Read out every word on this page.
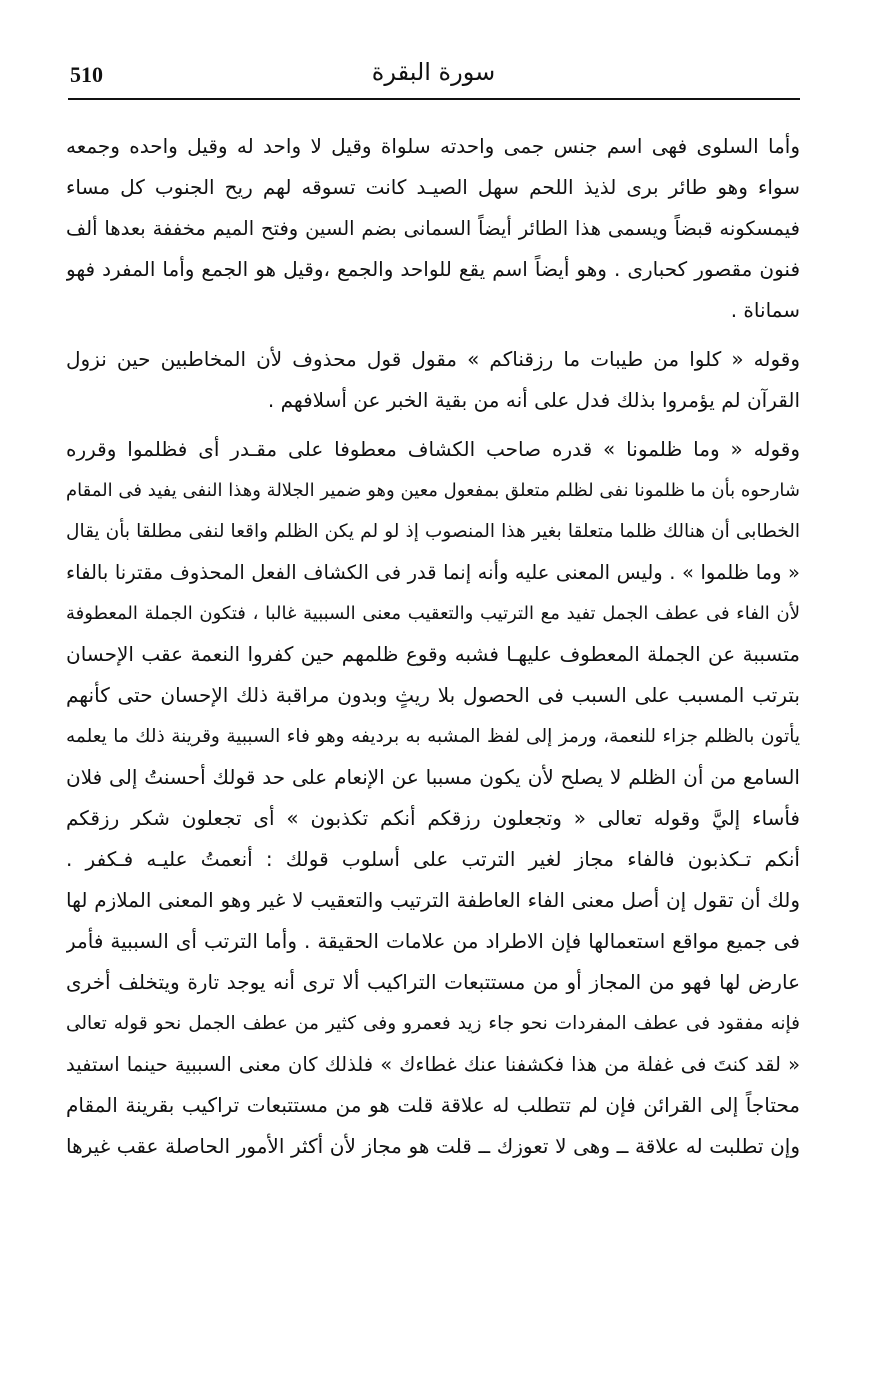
510	سورة البقرة
وأما السلوى فهى اسم جنس جمى واحدته سلواة وقيل لا واحد له وقيل واحده وجمعه
سواء وهو طائر برى لذيذ اللحم سهل الصيـد كانت تسوقه لهم ريح الجنوب كل مساء
فيمسكونه قبضاً ويسمى هذا الطائر أيضاً السمانى بضم السين وفتح الميم مخففة بعدها ألف
فنون مقصور كحبارى . وهو أيضاً اسم يقع للواحد والجمع ،وقيل هو الجمع وأما المفرد فهو
سماناة .
وقوله « كلوا من طيبات ما رزقناكم » مقول قول محذوف لأن المخاطبين حين نزول
القرآن لم يؤمروا بذلك فدل على أنه من بقية الخبر عن أسلافهم .
وقوله « وما ظلمونا » قدره صاحب الكشاف معطوفا على مقـدر أى فظلموا وقرره
شارحوه بأن ما ظلمونا نفى لظلم متعلق بمفعول معين وهو ضمير الجلالة وهذا النفى يفيد فى المقام
الخطابى أن هنالك ظلما متعلقا بغير هذا المنصوب إذ لو لم يكن الظلم واقعا لنفى مطلقا بأن يقال
« وما ظلموا » . وليس المعنى عليه وأنه إنما قدر فى الكشاف الفعل المحذوف مقترنا بالفاء
لأن الفاء فى عطف الجمل تفيد مع الترتيب والتعقيب معنى السببية غالبا ، فتكون الجملة المعطوفة
متسببة عن الجملة المعطوف عليهـا فشبه وقوع ظلمهم حين كفروا النعمة عقب الإحسان
بترتب المسبب على السبب فى الحصول بلا ريثٍ وبدون مراقبة ذلك الإحسان حتى كأنهم
يأتون بالظلم جزاء للنعمة، ورمز إلى لفظ المشبه به برديفه وهو فاء السببية وقرينة ذلك ما يعلمه
السامع من أن الظلم لا يصلح لأن يكون مسببا عن الإنعام على حد قولك أحسنتُ إلى فلان
فأساء إليَّ وقوله تعالى « وتجعلون رزقكم أنكم تكذبون » أى تجعلون شكر رزقكم
أنكم تـكذبون فالفاء مجاز لغير الترتب على أسلوب قولك : أنعمتُ عليـه فـكفر .
ولك أن تقول إن أصل معنى الفاء العاطفة الترتيب والتعقيب لا غير وهو المعنى الملازم لها
فى جميع مواقع استعمالها فإن الاطراد من علامات الحقيقة . وأما الترتب أى السببية فأمر
عارض لها فهو من المجاز أو من مستتبعات التراكيب ألا ترى أنه يوجد تارة ويتخلف أخرى
فإنه مفقود فى عطف المفردات نحو جاء زيد فعمرو وفى كثير من عطف الجمل نحو قوله تعالى
« لقد كنتَ فى غفلة من هذا فكشفنا عنك غطاءك » فلذلك كان معنى السببية حينما استفيد
محتاجاً إلى القرائن فإن لم تتطلب له علاقة قلت هو من مستتبعات تراكيب بقرينة المقام
وإن تطلبت له علاقة ــ وهى لا تعوزك ــ قلت هو مجاز لأن أكثر الأمور الحاصلة عقب غيرها
